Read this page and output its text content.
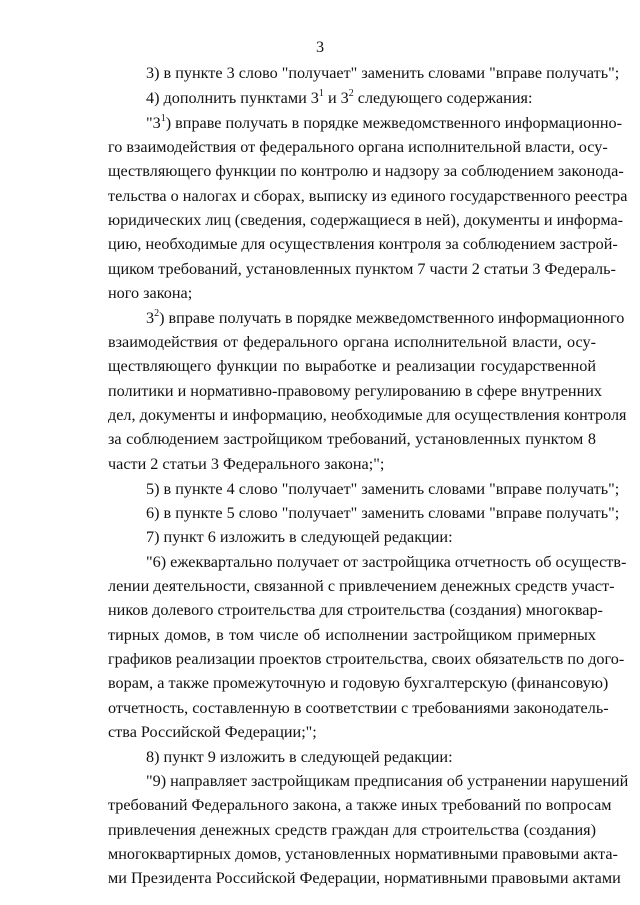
3
3) в пункте 3 слово "получает" заменить словами "вправе получать";
4) дополнить пунктами $3^1$ и $3^2$ следующего содержания:
"$3^1$) вправе получать в порядке межведомственного информационно-
го взаимодействия от федерального органа исполнительной власти, осу-
ществляющего функции по контролю и надзору за соблюдением законода-
тельства о налогах и сборах, выписку из единого государственного реестра
юридических лиц (сведения, содержащиеся в ней), документы и информа-
цию, необходимые для осуществления контроля за соблюдением застрой-
щиком требований, установленных пунктом 7 части 2 статьи 3 Федераль-
ного закона;
$3^2$) вправе получать в порядке межведомственного информационного
взаимодействия от федерального органа исполнительной власти, осу-
ществляющего функции по выработке и реализации государственной
политики и нормативно-правовому регулированию в сфере внутренних
дел, документы и информацию, необходимые для осуществления контроля
за соблюдением застройщиком требований, установленных пунктом 8
части 2 статьи 3 Федерального закона;";
5) в пункте 4 слово "получает" заменить словами "вправе получать";
6) в пункте 5 слово "получает" заменить словами "вправе получать";
7) пункт 6 изложить в следующей редакции:
"6) ежеквартально получает от застройщика отчетность об осуществ-
лении деятельности, связанной с привлечением денежных средств участ-
ников долевого строительства для строительства (создания) многоквар-
тирных домов, в том числе об исполнении застройщиком примерных
графиков реализации проектов строительства, своих обязательств по дого-
ворам, а также промежуточную и годовую бухгалтерскую (финансовую)
отчетность, составленную в соответствии с требованиями законодатель-
ства Российской Федерации;";
8) пункт 9 изложить в следующей редакции:
"9) направляет застройщикам предписания об устранении нарушений
требований Федерального закона, а также иных требований по вопросам
привлечения денежных средств граждан для строительства (создания)
многоквартирных домов, установленных нормативными правовыми акта-
ми Президента Российской Федерации, нормативными правовыми актами
